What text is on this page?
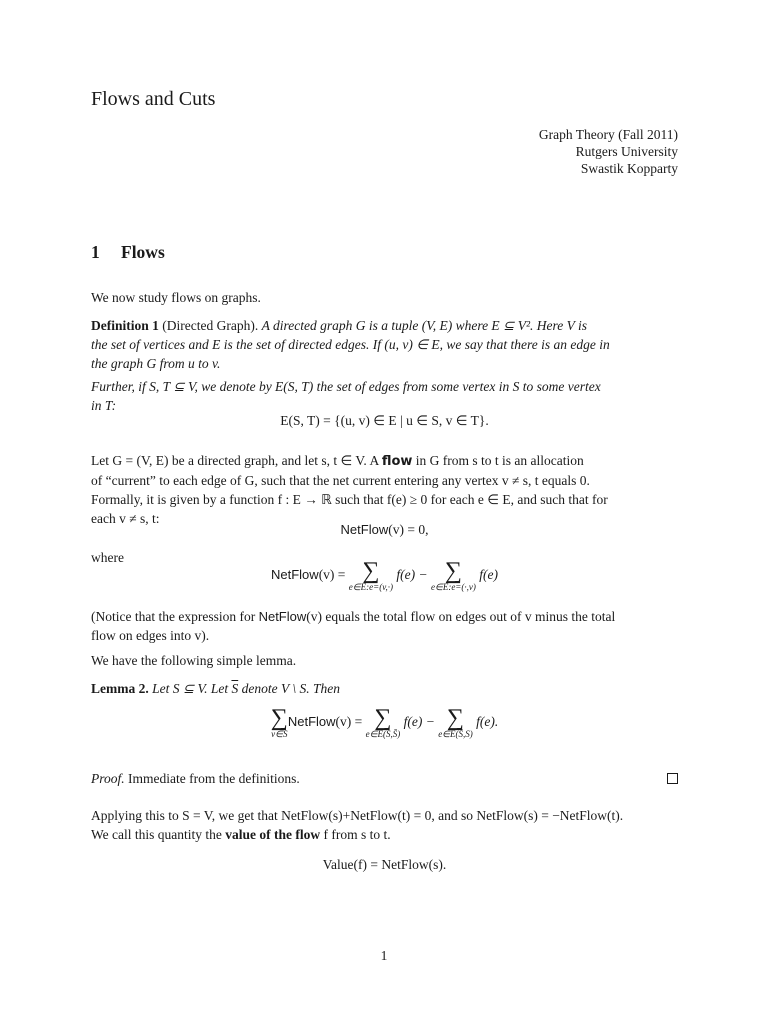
Flows and Cuts
Graph Theory (Fall 2011)
Rutgers University
Swastik Kopparty
1 Flows
We now study flows on graphs.
Definition 1 (Directed Graph). A directed graph G is a tuple (V, E) where E ⊆ V². Here V is
the set of vertices and E is the set of directed edges. If (u, v) ∈ E, we say that there is an edge in
the graph G from u to v.
Further, if S, T ⊆ V, we denote by E(S, T) the set of edges from some vertex in S to some vertex
in T:
E(S, T) = {(u, v) ∈ E | u ∈ S, v ∈ T}.
Let G = (V, E) be a directed graph, and let s, t ∈ V. A flow in G from s to t is an allocation
of “current” to each edge of G, such that the net current entering any vertex v ≠ s, t equals 0.
Formally, it is given by a function f : E → ℝ such that f(e) ≥ 0 for each e ∈ E, and such that for
each v ≠ s, t:
NetFlow(v) = 0,
where
NetFlow(v) = ∑
e∈E:e=(v,·)
f(e) − ∑
e∈E:e=(·,v)
f(e)
(Notice that the expression for NetFlow(v) equals the total flow on edges out of v minus the total
flow on edges into v).
We have the following simple lemma.
Lemma 2. Let S ⊆ V. Let $\overline{S}$ denote V \ S. Then
∑
v∈S
NetFlow(v) = ∑
e∈E(S,S̄)
f(e) − ∑
e∈E(S̄,S)
f(e).
Proof. Immediate from the definitions.
Applying this to S = V, we get that NetFlow(s)+NetFlow(t) = 0, and so NetFlow(s) = −NetFlow(t).
We call this quantity the value of the flow f from s to t.
Value(f) = NetFlow(s).
1
